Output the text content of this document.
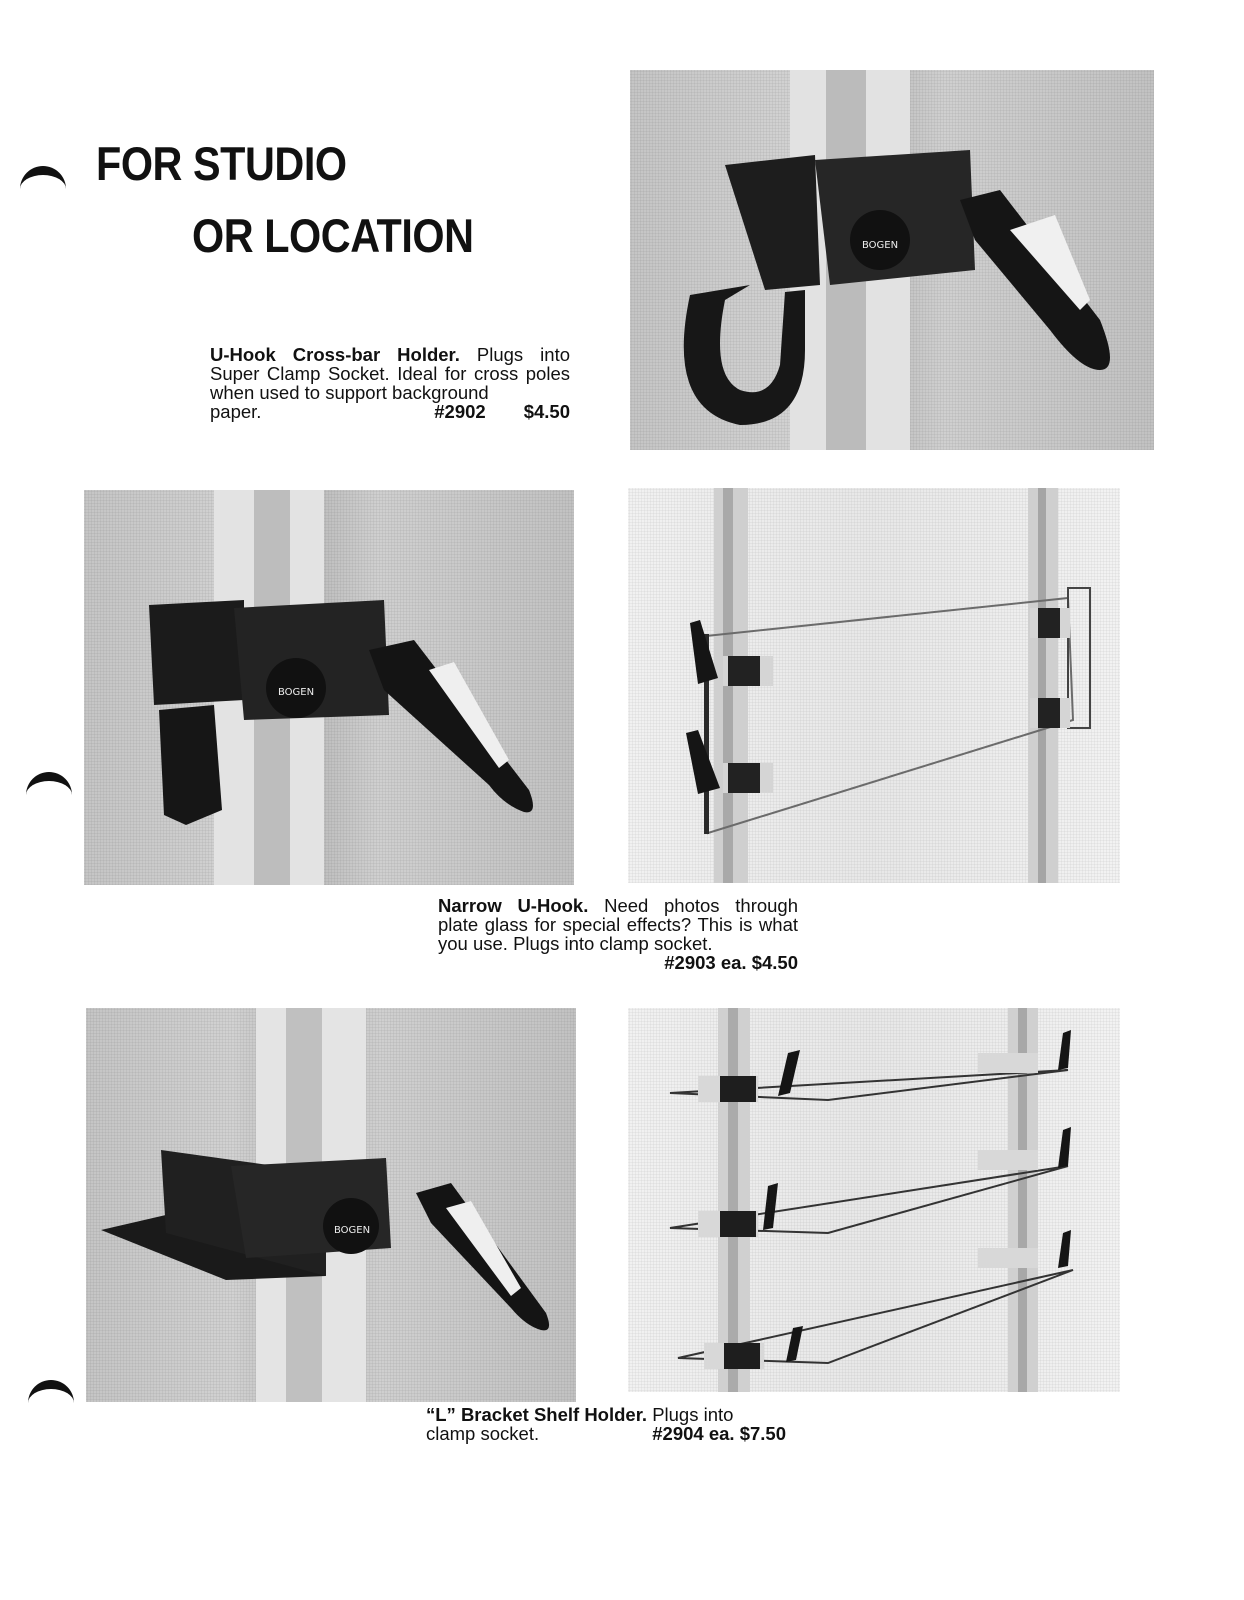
FOR STUDIO
OR LOCATION	BOGEN
U-Hook Cross-bar Holder. Plugs into Super Clamp Socket. Ideal for cross poles when used to support background
paper.	#2902 $4.50
BOGEN
Narrow U-Hook. Need photos through plate glass for special effects? This is what you use. Plugs into clamp socket.
#2903
ea. $4.50
BOGEN
“L” Bracket Shelf Holder. Plugs into
clamp socket.	#2904 ea. $7.50
